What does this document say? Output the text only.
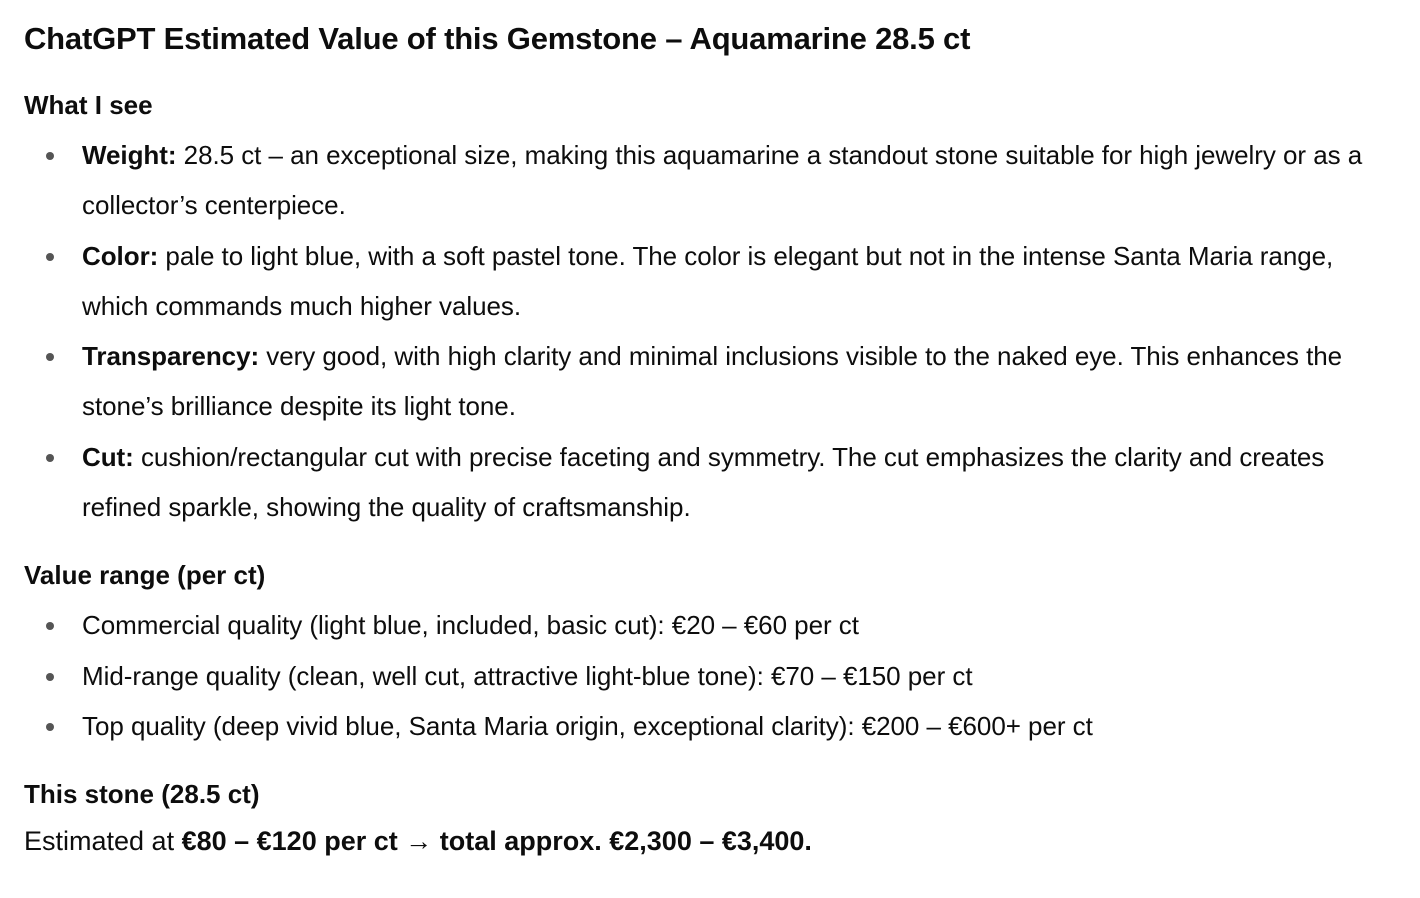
ChatGPT Estimated Value of this Gemstone – Aquamarine 28.5 ct
What I see
Weight: 28.5 ct – an exceptional size, making this aquamarine a standout stone suitable for high jewelry or as a collector’s centerpiece.
Color: pale to light blue, with a soft pastel tone. The color is elegant but not in the intense Santa Maria range, which commands much higher values.
Transparency: very good, with high clarity and minimal inclusions visible to the naked eye. This enhances the stone’s brilliance despite its light tone.
Cut: cushion/rectangular cut with precise faceting and symmetry. The cut emphasizes the clarity and creates refined sparkle, showing the quality of craftsmanship.
Value range (per ct)
Commercial quality (light blue, included, basic cut): €20 – €60 per ct
Mid-range quality (clean, well cut, attractive light-blue tone): €70 – €150 per ct
Top quality (deep vivid blue, Santa Maria origin, exceptional clarity): €200 – €600+ per ct
This stone (28.5 ct)

Estimated at €80 – €120 per ct → total approx. €2,300 – €3,400.
